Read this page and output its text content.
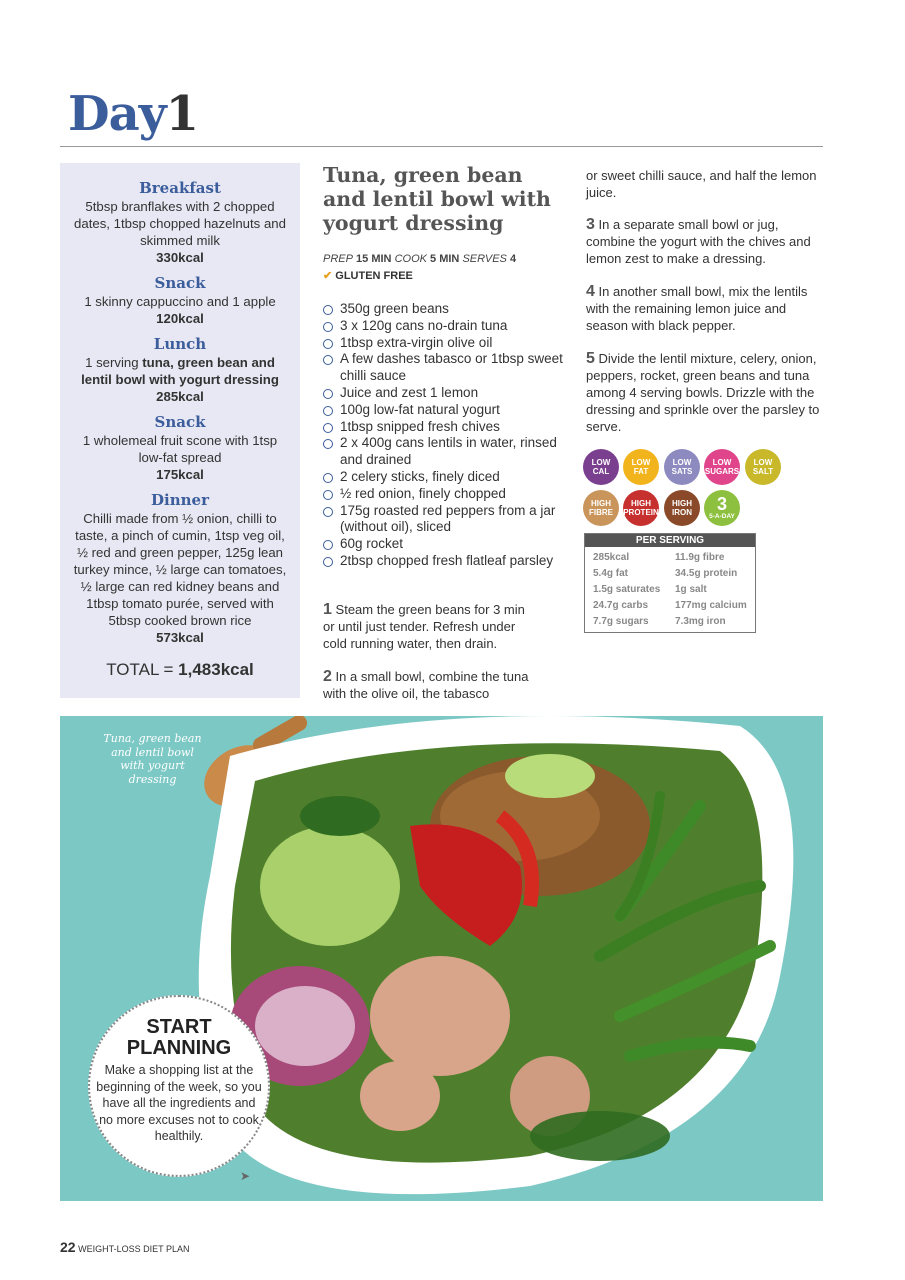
Day1
Breakfast
5tbsp branflakes with 2 chopped dates, 1tbsp chopped hazelnuts and skimmed milk
330kcal
Snack
1 skinny cappuccino and 1 apple
120kcal
Lunch
1 serving tuna, green bean and lentil bowl with yogurt dressing
285kcal
Snack
1 wholemeal fruit scone with 1tsp low-fat spread
175kcal
Dinner
Chilli made from ½ onion, chilli to taste, a pinch of cumin, 1tsp veg oil, ½ red and green pepper, 125g lean turkey mince, ½ large can tomatoes, ½ large can red kidney beans and 1tbsp tomato purée, served with 5tbsp cooked brown rice
573kcal
TOTAL = 1,483kcal
Tuna, green bean and lentil bowl with yogurt dressing
PREP 15 MIN COOK 5 MIN SERVES 4
✔ GLUTEN FREE
350g green beans
3 x 120g cans no-drain tuna
1tbsp extra-virgin olive oil
A few dashes tabasco or 1tbsp sweet chilli sauce
Juice and zest 1 lemon
100g low-fat natural yogurt
1tbsp snipped fresh chives
2 x 400g cans lentils in water, rinsed and drained
2 celery sticks, finely diced
½ red onion, finely chopped
175g roasted red peppers from a jar (without oil), sliced
60g rocket
2tbsp chopped fresh flatleaf parsley
1 Steam the green beans for 3 min or until just tender. Refresh under cold running water, then drain.
2 In a small bowl, combine the tuna with the olive oil, the tabasco
or sweet chilli sauce, and half the lemon juice.
3 In a separate small bowl or jug, combine the yogurt with the chives and lemon zest to make a dressing.
4 In another small bowl, mix the lentils with the remaining lemon juice and season with black pepper.
5 Divide the lentil mixture, celery, onion, peppers, rocket, green beans and tuna among 4 serving bowls. Drizzle with the dressing and sprinkle over the parsley to serve.
LOW
CAL
LOW
FAT
LOW
SATS
LOW
SUGARS
LOW
SALT
HIGH
FIBRE
HIGH
PROTEIN
HIGH
IRON 3
5-A-DAY
PER SERVING
285kcal	11.9g fibre
5.4g fat	34.5g protein
1.5g saturates	1g salt
24.7g carbs	177mg calcium
7.7g sugars	7.3mg iron
Tuna, green bean and lentil bowl with yogurt dressing
START
PLANNING
Make a shopping list at the beginning of the week, so you have all the ingredients and no more excuses not to cook healthily.
➤
22 WEIGHT-LOSS DIET PLAN
